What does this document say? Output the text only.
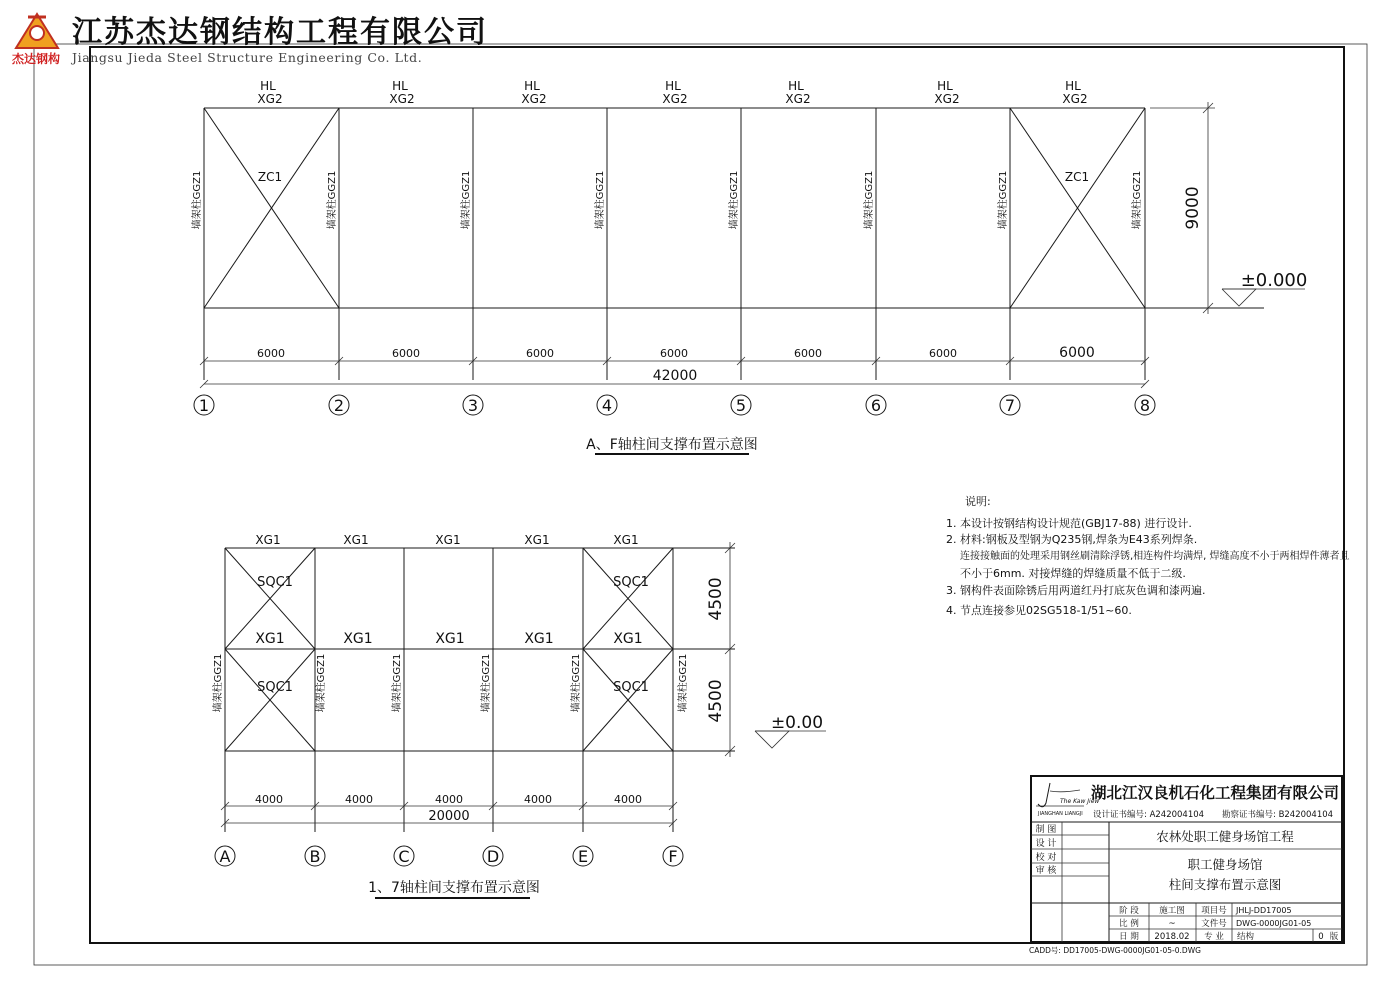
杰达钢构
江苏杰达钢结构工程有限公司
Jiangsu Jieda Steel Structure Engineering Co. Ltd.
HL
XG2
HL
XG2
HL
XG2
HL
XG2
HL
XG2
HL
XG2
HL
XG2
ZC1	ZC1
墙架柱GGZ1	墙架柱GGZ1	墙架柱GGZ1	墙架柱GGZ1	墙架柱GGZ1	墙架柱GGZ1	墙架柱GGZ1	墙架柱GGZ1 9000
±0.000
6000	6000	6000	6000	6000	6000	6000
42000
1	2	3	4	5	6	7	8
A、F轴柱间支撑布置示意图
说明:
1. 本设计按钢结构设计规范(GBJ17-88) 进行设计.
2. 材料:钢板及型钢为Q235钢,焊条为E43系列焊条.
连接接触面的处理采用钢丝刷清除浮锈,相连构件均满焊, 焊缝高度不小于两相焊件薄者且
不小于6mm. 对接焊缝的焊缝质量不低于二级.
3. 钢构件表面除锈后用两道红丹打底灰色调和漆两遍.
4. 节点连接参见02SG518-1/51~60.
XG1	XG1	XG1	XG1	XG1
XG1	XG1	XG1	XG1	XG1
SQC1
SQC1
SQC1
SQC1
墙架柱GGZ1	墙架柱GGZ1	墙架柱GGZ1	墙架柱GGZ1	墙架柱GGZ1	墙架柱GGZ1
4500
4500
±0.00
4000	4000	4000	4000	4000
20000
A	B	C	D	E	F
1、7轴柱间支撑布置示意图
The Kaw Jiew
JIANGHAN LIANGJI
湖北江汉良机石化工程集团有限公司
设计证书编号: A242004104 勘察证书编号: B242004104
制 图
设 计
校 对
审 核
农林处职工健身场馆工程
职工健身场馆
柱间支撑布置示意图
阶 段 施工图 项目号 JHLJ-DD17005
比 例	~	文件号 DWG-0000JG01-05
日 期 2018.02 专 业 结构	0 版
CADD号: DD17005-DWG-0000JG01-05-0.DWG
